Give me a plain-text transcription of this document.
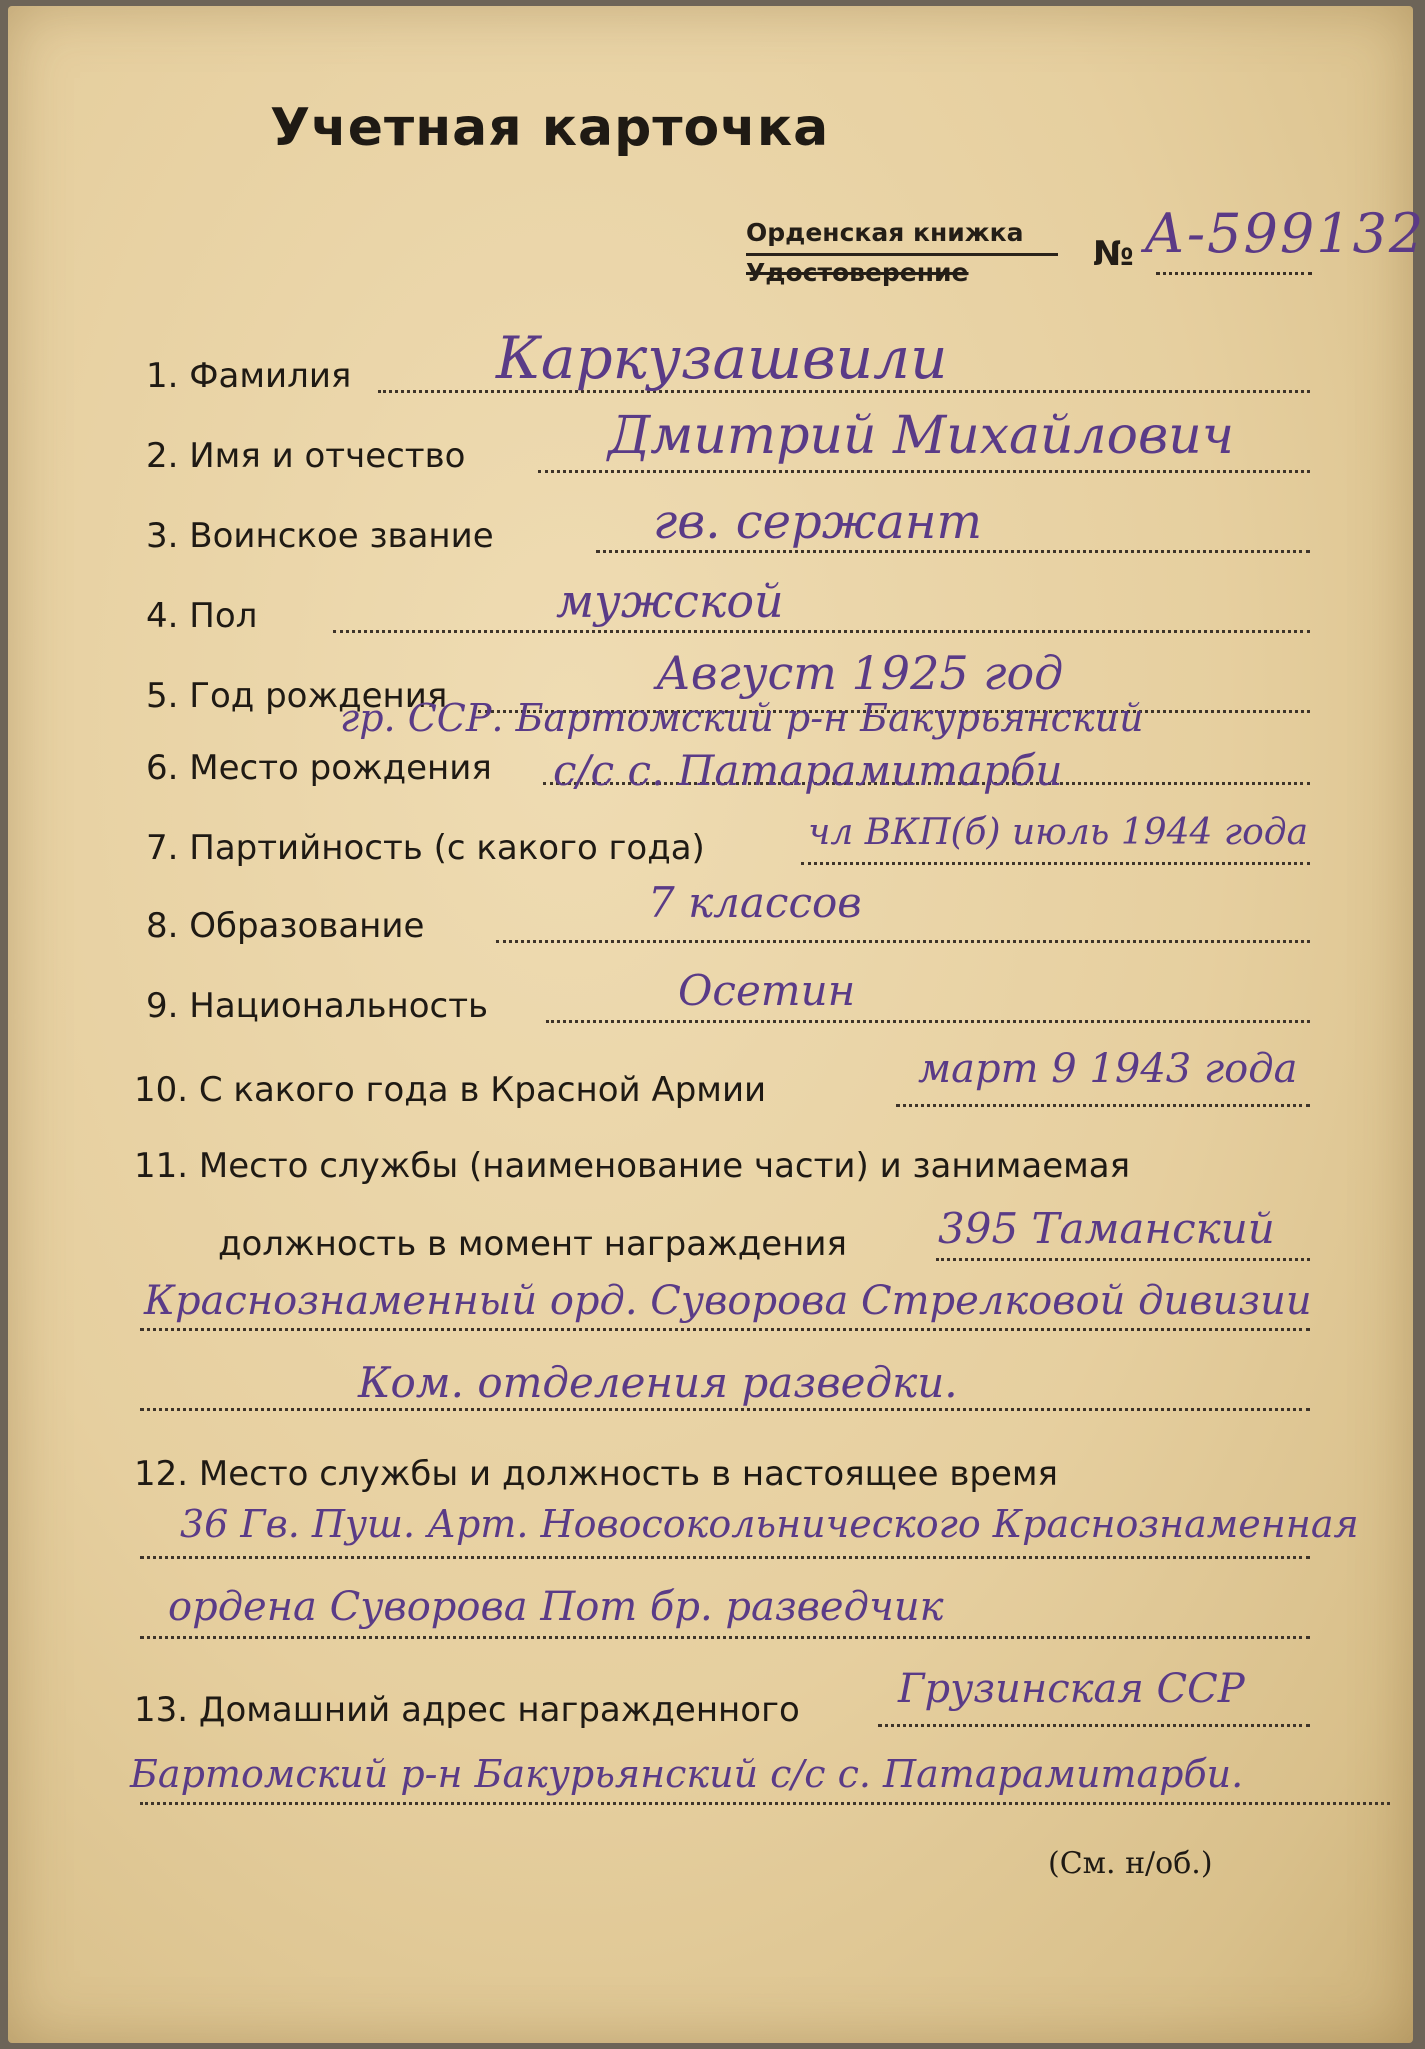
Учетная карточка
Орденская книжка
Удостоверение	№ А-599132
1. Фамилия Каркузашвили
2. Имя и отчество	Дмитрий Михайлович
3. Воинское звание	гв. сержант
4. Пол	мужской
5. Год рождения	Август 1925 год
6. Место рождения
гр. ССР. Бартомский р-н Бакурьянский
с/с с. Патарамитарби
7. Партийность (с какого года)	чл ВКП(б) июль 1944 года
8. Образование	7 классов
9. Национальность	Осетин
10. С какого года в Красной Армии	март 9 1943 года
11. Место службы (наименование части) и занимаемая
должность в момент награждения 395 Таманский
Краснознаменный орд. Суворова Стрелковой дивизии
Ком. отделения разведки.
12. Место службы и должность в настоящее время
36 Гв. Пуш. Арт. Новосокольнического Краснознаменная
ордена Суворова Пот бр. разведчик
13. Домашний адрес награжденного Грузинская ССР
Бартомский р-н Бакурьянский с/с с. Патарамитарби.
(См. н/об.)
